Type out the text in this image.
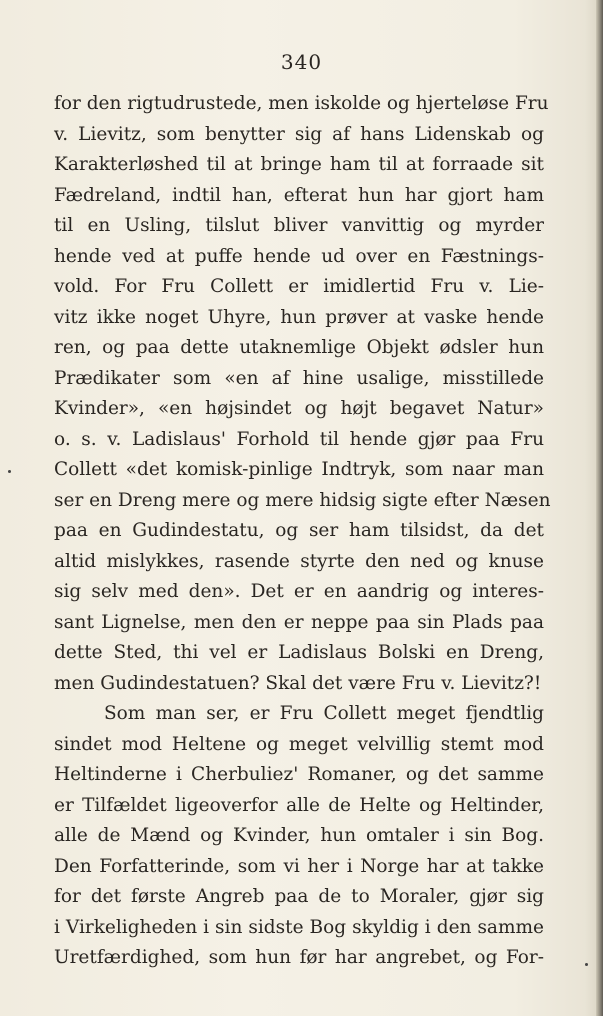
340
for den rigtudrustede, men iskolde og hjerteløse Fru
v. Lievitz, som benytter sig af hans Lidenskab og
Karakterløshed til at bringe ham til at forraade sit
Fædreland, indtil han, efterat hun har gjort ham
til en Usling, tilslut bliver vanvittig og myrder
hende ved at puffe hende ud over en Fæstnings-
vold. For Fru Collett er imidlertid Fru v. Lie-
vitz ikke noget Uhyre, hun prøver at vaske hende
ren, og paa dette utaknemlige Objekt ødsler hun
Prædikater som «en af hine usalige, misstillede
Kvinder», «en højsindet og højt begavet Natur»
o. s. v. Ladislaus' Forhold til hende gjør paa Fru
Collett «det komisk-pinlige Indtryk, som naar man
ser en Dreng mere og mere hidsig sigte efter Næsen
paa en Gudindestatu, og ser ham tilsidst, da det
altid mislykkes, rasende styrte den ned og knuse
sig selv med den». Det er en aandrig og interes-
sant Lignelse, men den er neppe paa sin Plads paa
dette Sted, thi vel er Ladislaus Bolski en Dreng,
men Gudindestatuen? Skal det være Fru v. Lievitz?!
Som man ser, er Fru Collett meget fjendtlig
sindet mod Heltene og meget velvillig stemt mod
Heltinderne i Cherbuliez' Romaner, og det samme
er Tilfældet ligeoverfor alle de Helte og Heltinder,
alle de Mænd og Kvinder, hun omtaler i sin Bog.
Den Forfatterinde, som vi her i Norge har at takke
for det første Angreb paa de to Moraler, gjør sig
i Virkeligheden i sin sidste Bog skyldig i den samme
Uretfærdighed, som hun før har angrebet, og For-
